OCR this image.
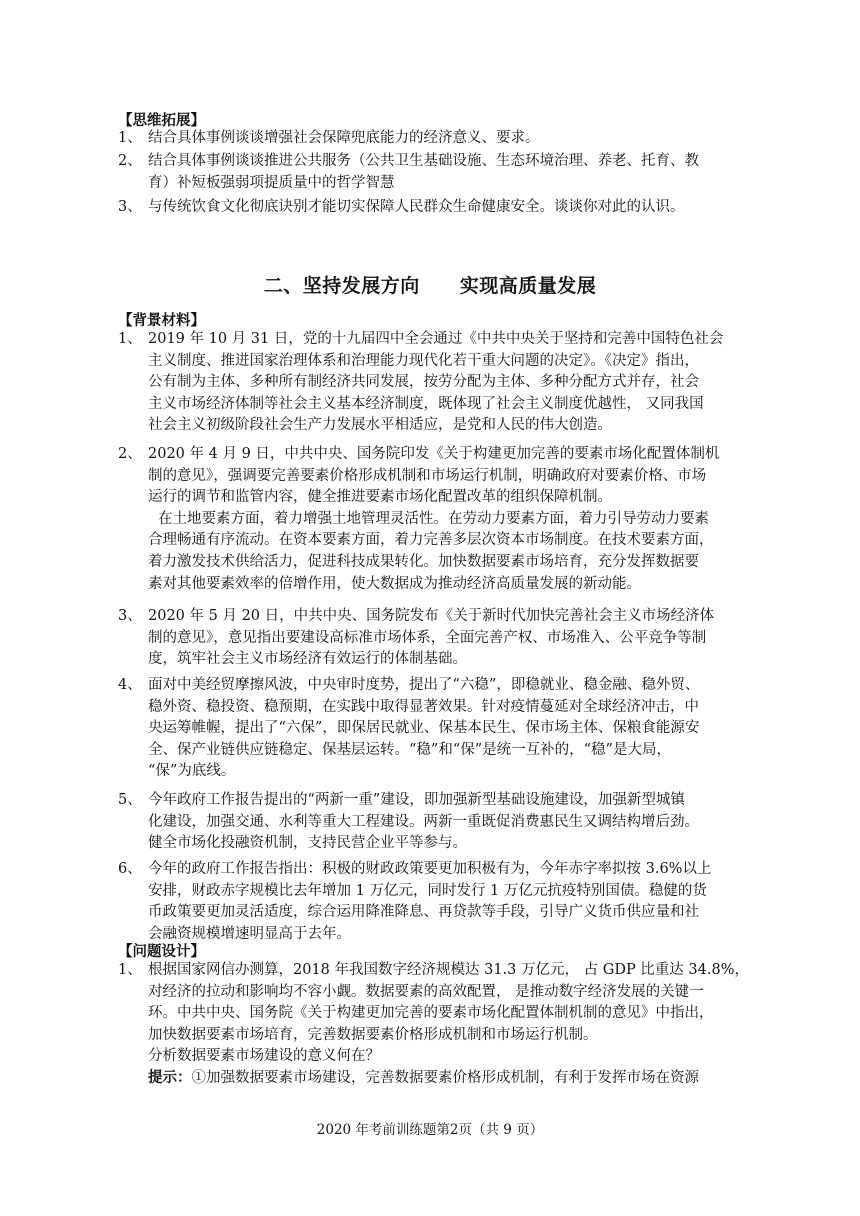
【思维拓展】
1、 结合具体事例谈谈增强社会保障兜底能力的经济意义、要求。
2、 结合具体事例谈谈推进公共服务（公共卫生基础设施、生态环境治理、养老、托育、教
育）补短板强弱项提质量中的哲学智慧
3、 与传统饮食文化彻底诀别才能切实保障人民群众生命健康安全。谈谈你对此的认识。
二、坚持发展方向 实现高质量发展
【背景材料】
1、 2019 年 10 月 31 日，党的十九届四中全会通过《中共中央关于坚持和完善中国特色社会
主义制度、推进国家治理体系和治理能力现代化若干重大问题的决定》。《决定》指出，
公有制为主体、多种所有制经济共同发展，按劳分配为主体、多种分配方式并存，社会
主义市场经济体制等社会主义基本经济制度，既体现了社会主义制度优越性， 又同我国
社会主义初级阶段社会生产力发展水平相适应，是党和人民的伟大创造。
2、 2020 年 4 月 9 日，中共中央、国务院印发《关于构建更加完善的要素市场化配置体制机
制的意见》，强调要完善要素价格形成机制和市场运行机制，明确政府对要素价格、市场
运行的调节和监管内容，健全推进要素市场化配置改革的组织保障机制。
在土地要素方面，着力增强土地管理灵活性。在劳动力要素方面，着力引导劳动力要素
合理畅通有序流动。在资本要素方面，着力完善多层次资本市场制度。在技术要素方面，
着力激发技术供给活力，促进科技成果转化。加快数据要素市场培育，充分发挥数据要
素对其他要素效率的倍增作用，使大数据成为推动经济高质量发展的新动能。
3、 2020 年 5 月 20 日，中共中央、国务院发布《关于新时代加快完善社会主义市场经济体
制的意见》，意见指出要建设高标准市场体系，全面完善产权、市场准入、公平竞争等制
度，筑牢社会主义市场经济有效运行的体制基础。
4、 面对中美经贸摩擦风波，中央审时度势，提出了“六稳”，即稳就业、稳金融、稳外贸、
稳外资、稳投资、稳预期，在实践中取得显著效果。针对疫情蔓延对全球经济冲击，中
央运筹帷幄，提出了“六保”，即保居民就业、保基本民生、保市场主体、保粮食能源安
全、保产业链供应链稳定、保基层运转。“稳”和“保”是统一互补的，“稳”是大局，
“保”为底线。
5、 今年政府工作报告提出的“两新一重”建设，即加强新型基础设施建设，加强新型城镇
化建设，加强交通、水利等重大工程建设。两新一重既促消费惠民生又调结构增后劲。
健全市场化投融资机制，支持民营企业平等参与。
6、 今年的政府工作报告指出：积极的财政政策要更加积极有为，今年赤字率拟按 3.6%以上
安排，财政赤字规模比去年增加 1 万亿元，同时发行 1 万亿元抗疫特别国债。稳健的货
币政策要更加灵活适度，综合运用降准降息、再贷款等手段，引导广义货币供应量和社
会融资规模增速明显高于去年。
【问题设计】
1、 根据国家网信办测算，2018 年我国数字经济规模达 31.3 万亿元， 占 GDP 比重达 34.8%，
对经济的拉动和影响均不容小觑。数据要素的高效配置， 是推动数字经济发展的关键一
环。中共中央、国务院《关于构建更加完善的要素市场化配置体制机制的意见》中指出，
加快数据要素市场培育，完善数据要素价格形成机制和市场运行机制。
分析数据要素市场建设的意义何在？
提示：①加强数据要素市场建设，完善数据要素价格形成机制，有利于发挥市场在资源
2020 年考前训练题第2页（共 9 页）
